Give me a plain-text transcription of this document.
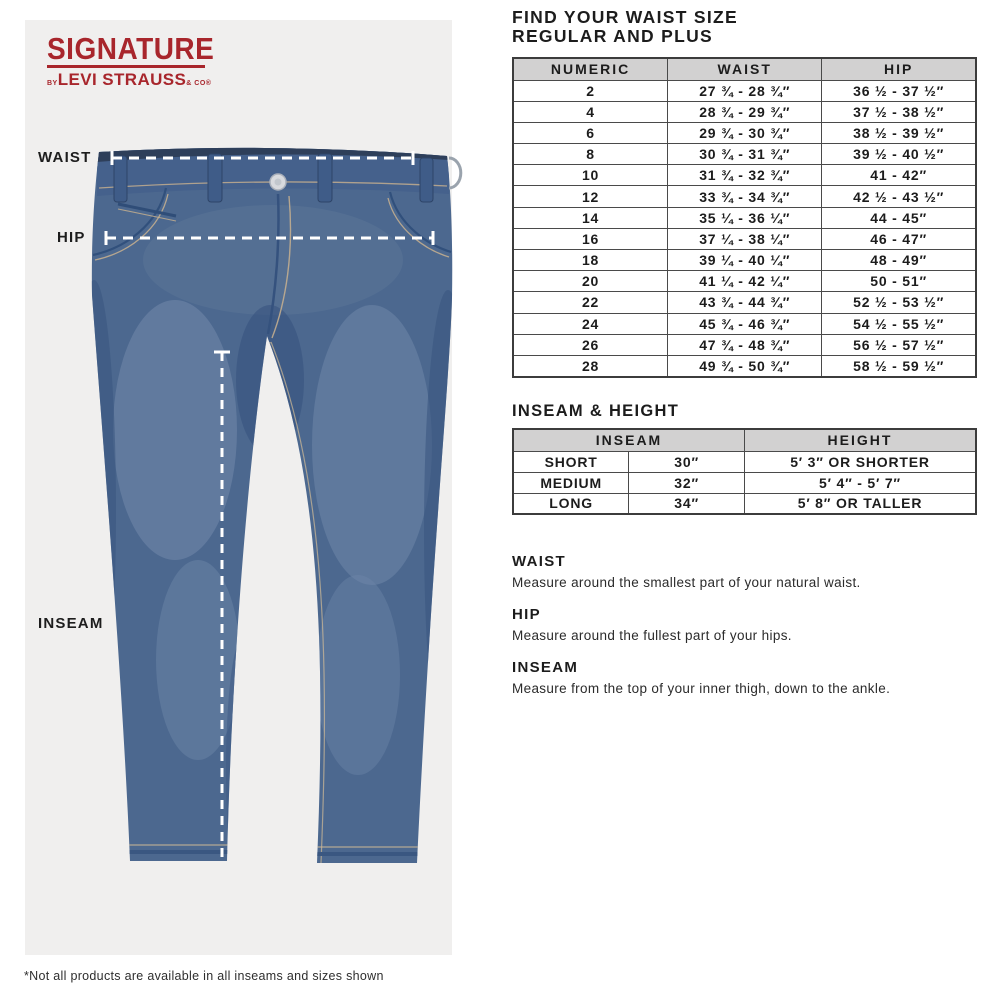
SIGNATURE
BYLEVI STRAUSS& CO®
WAIST
HIP
INSEAM
FIND YOUR WAIST SIZE
REGULAR AND PLUS
NUMERIC	WAIST	HIP
2	27 ¾ - 28 ¾″	36 ½ - 37 ½″
4	28 ¾ - 29 ¾″	37 ½ - 38 ½″
6	29 ¾ - 30 ¾″	38 ½ - 39 ½″
8	30 ¾ - 31 ¾″	39 ½ - 40 ½″
10	31 ¾ - 32 ¾″	41 - 42″
12	33 ¾ - 34 ¾″	42 ½ - 43 ½″
14	35 ¼ - 36 ¼″	44 - 45″
16	37 ¼ - 38 ¼″	46 - 47″
18	39 ¼ - 40 ¼″	48 - 49″
20	41 ¼ - 42 ¼″	50 - 51″
22	43 ¾ - 44 ¾″	52 ½ - 53 ½″
24	45 ¾ - 46 ¾″	54 ½ - 55 ½″
26	47 ¾ - 48 ¾″	56 ½ - 57 ½″
28	49 ¾ - 50 ¾″	58 ½ - 59 ½″
INSEAM & HEIGHT
INSEAM		HEIGHT
SHORT	30″	5′ 3″ OR SHORTER
MEDIUM	32″	5′ 4″ - 5′ 7″
LONG	34″	5′ 8″ OR TALLER
WAIST

Measure around the smallest part of your natural waist.

HIP

Measure around the fullest part of your hips.

INSEAM

Measure from the top of your inner thigh, down to the ankle.

*Not all products are available in all inseams and sizes shown
